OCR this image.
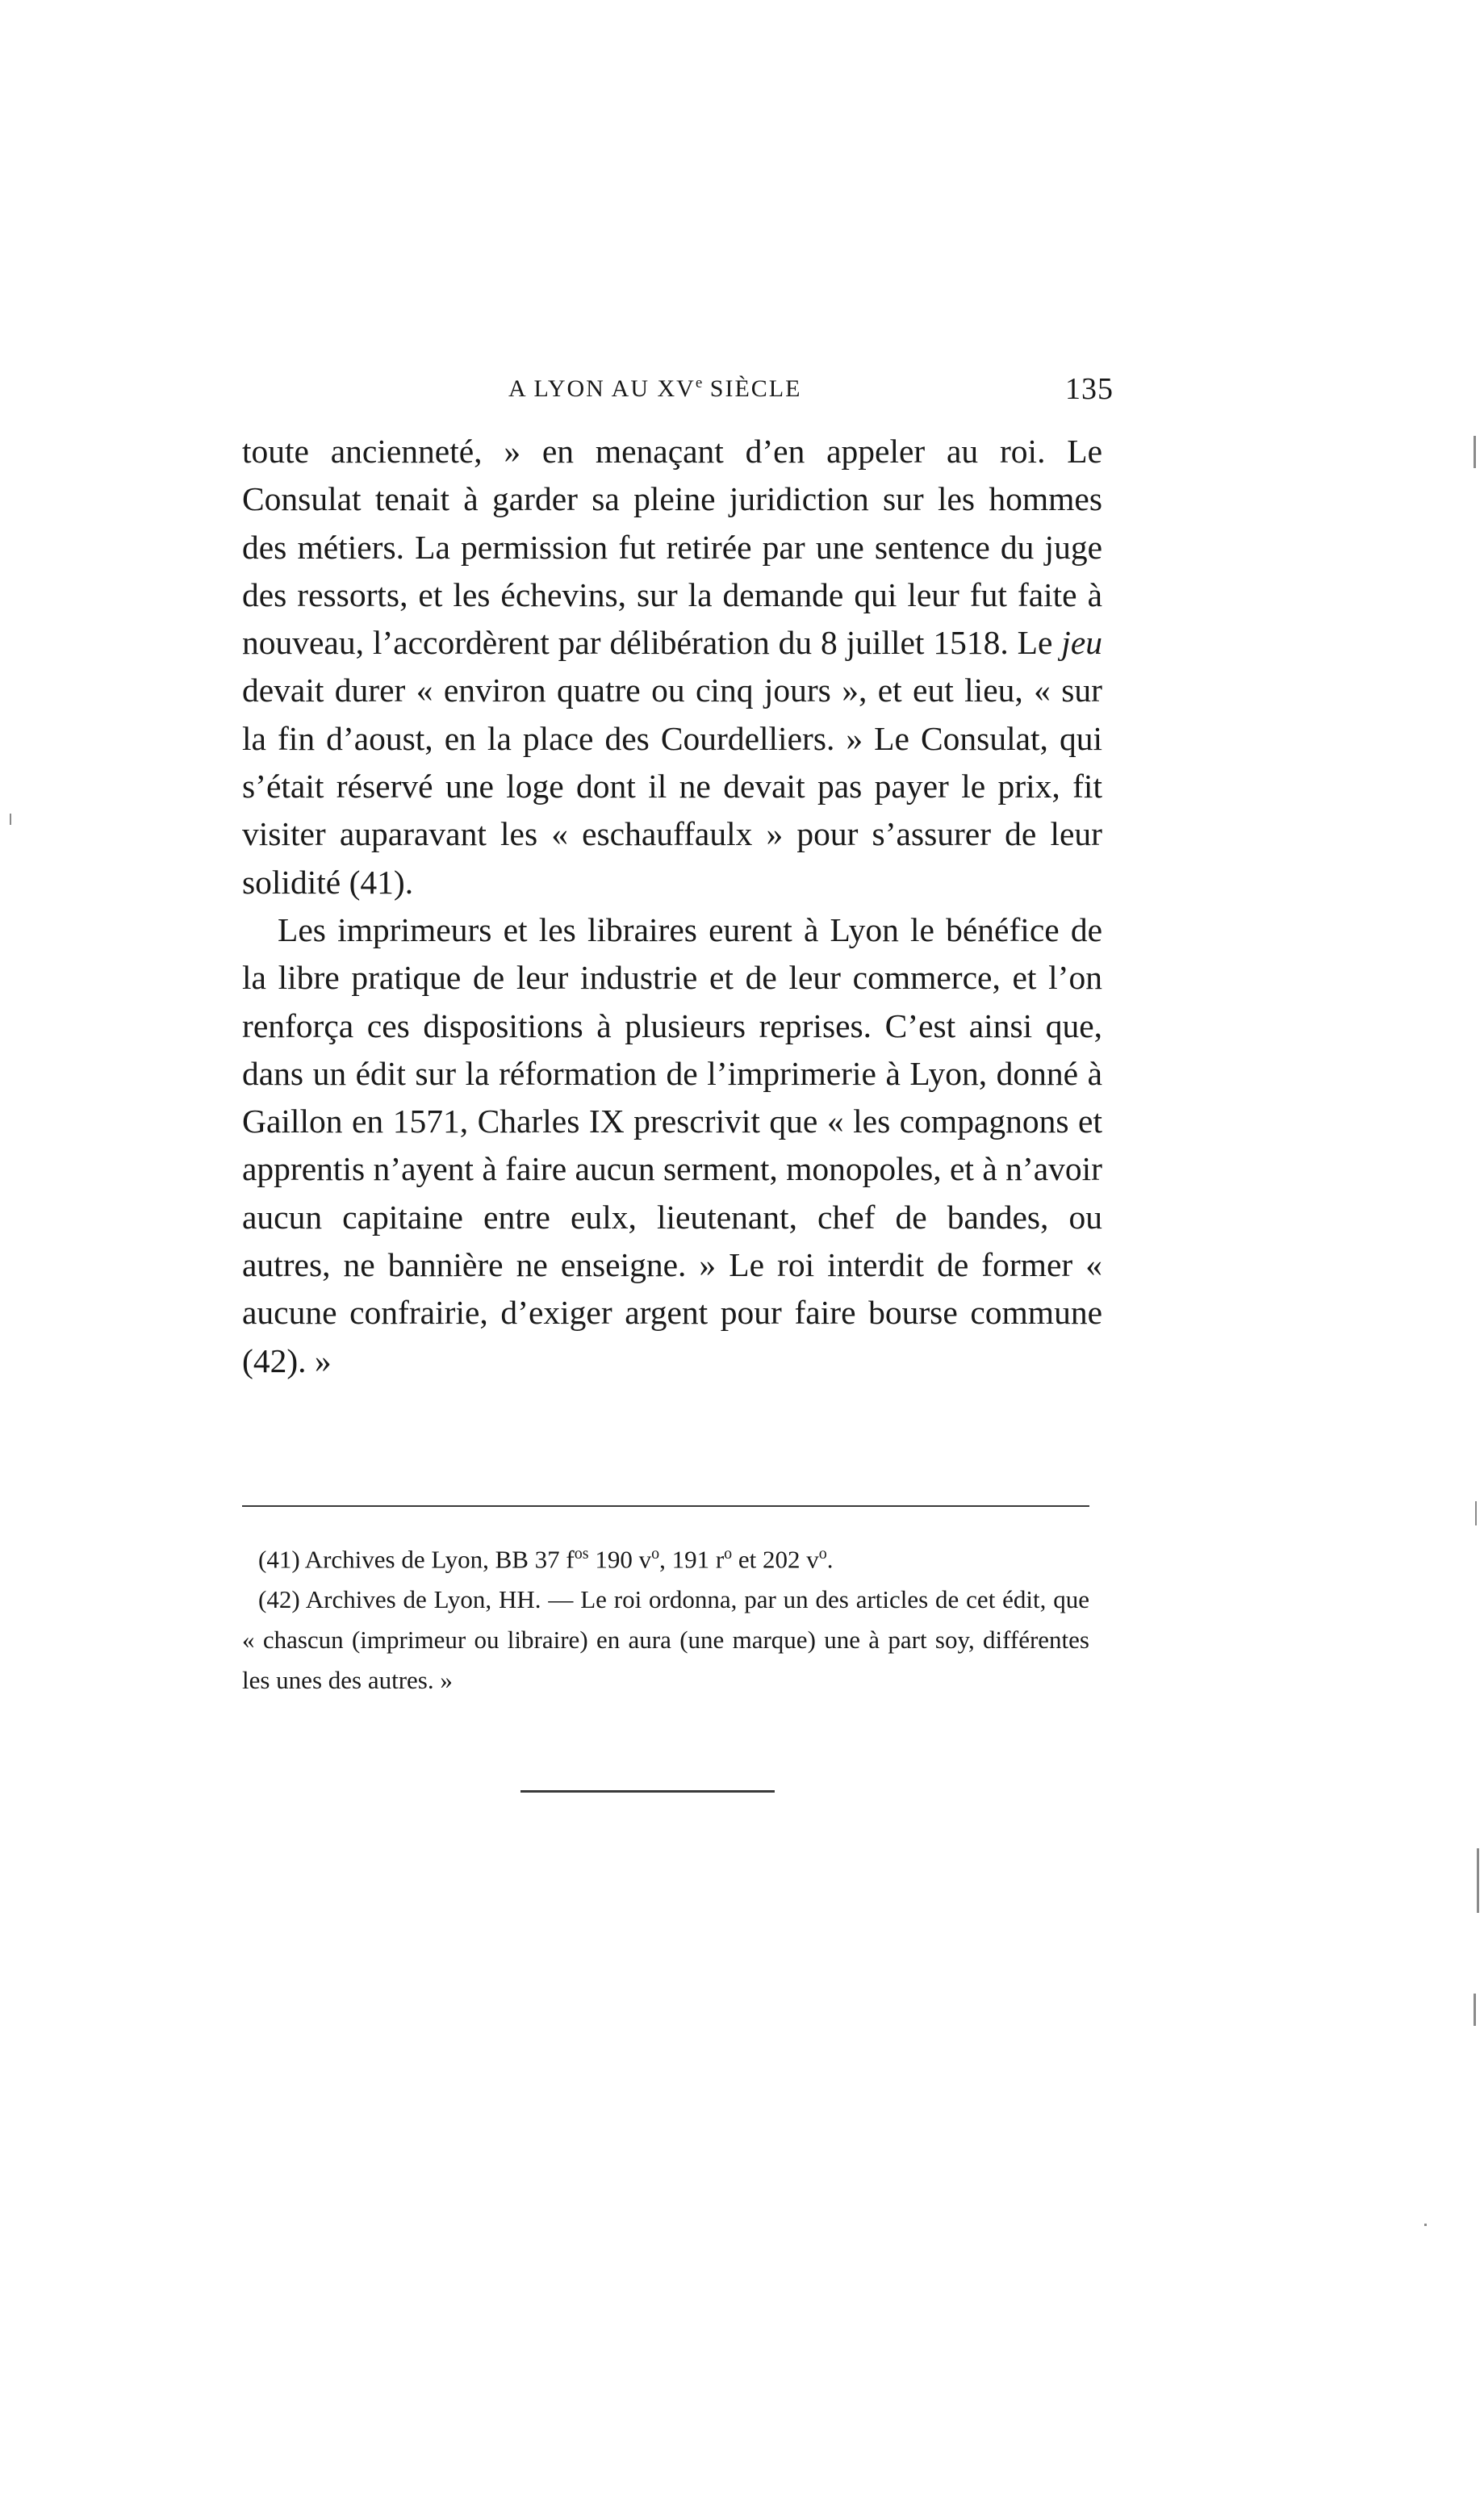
A LYON AU XVe SIÈCLE	135

toute ancienneté, » en menaçant d’en appeler au roi. Le Consulat tenait à garder sa pleine juridiction sur les hommes des métiers. La permission fut retirée par une sentence du juge des ressorts, et les échevins, sur la demande qui leur fut faite à nouveau, l’accordèrent par délibération du 8 juillet 1518. Le jeu devait durer « environ quatre ou cinq jours », et eut lieu, « sur la fin d’aoust, en la place des Courdelliers. » Le Consulat, qui s’était réservé une loge dont il ne devait pas payer le prix, fit visiter auparavant les « eschauffaulx » pour s’assurer de leur solidité (41).

Les imprimeurs et les libraires eurent à Lyon le bénéfice de la libre pratique de leur industrie et de leur commerce, et l’on renforça ces dispositions à plusieurs reprises. C’est ainsi que, dans un édit sur la réformation de l’imprimerie à Lyon, donné à Gaillon en 1571, Charles IX prescrivit que « les compagnons et apprentis n’ayent à faire aucun serment, monopoles, et à n’avoir aucun capitaine entre eulx, lieutenant, chef de bandes, ou autres, ne bannière ne enseigne. » Le roi interdit de former « aucune confrairie, d’exiger argent pour faire bourse commune (42). »

(41) Archives de Lyon, BB 37 $f^{os}$ 190 $v^o$, 191 $r^o$ et 202 $v^o$.

(42) Archives de Lyon, HH. — Le roi ordonna, par un des articles de cet édit, que « chascun (imprimeur ou libraire) en aura (une marque) une à part soy, différentes les unes des autres. »
